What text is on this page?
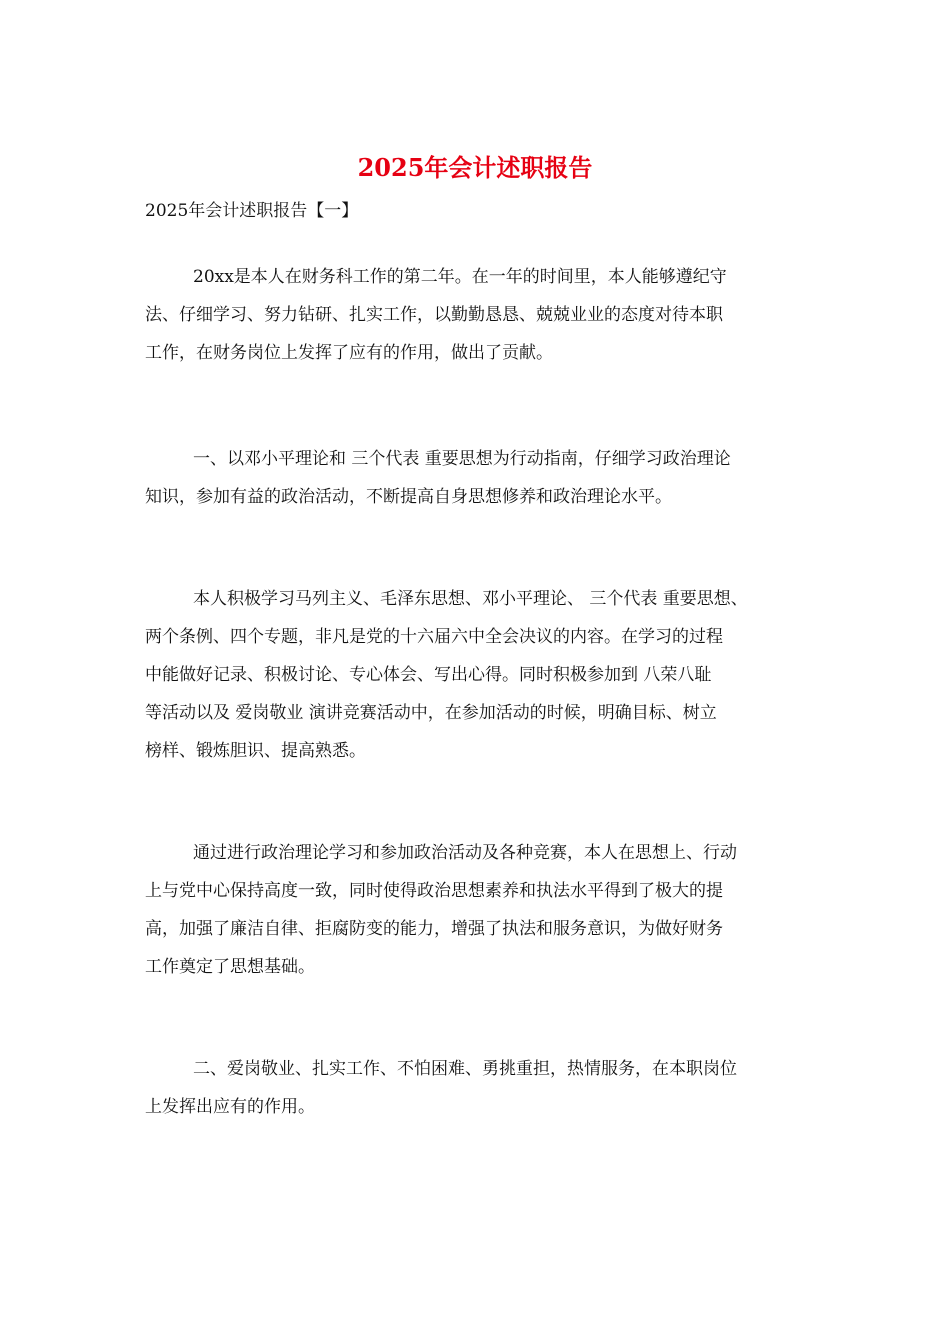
2025年会计述职报告

2025年会计述职报告【一】

20xx是本人在财务科工作的第二年。在一年的时间里，本人能够遵纪守
法、仔细学习、努力钻研、扎实工作，以勤勤恳恳、兢兢业业的态度对待本职
工作，在财务岗位上发挥了应有的作用，做出了贡献。

一、以邓小平理论和 三个代表 重要思想为行动指南，仔细学习政治理论
知识，参加有益的政治活动，不断提高自身思想修养和政治理论水平。

本人积极学习马列主义、毛泽东思想、邓小平理论、 三个代表 重要思想、
两个条例、四个专题，非凡是党的十六届六中全会决议的内容。在学习的过程
中能做好记录、积极讨论、专心体会、写出心得。同时积极参加到 八荣八耻
等活动以及 爱岗敬业 演讲竞赛活动中，在参加活动的时候，明确目标、树立
榜样、锻炼胆识、提高熟悉。

通过进行政治理论学习和参加政治活动及各种竞赛，本人在思想上、行动
上与党中心保持高度一致，同时使得政治思想素养和执法水平得到了极大的提
高，加强了廉洁自律、拒腐防变的能力，增强了执法和服务意识，为做好财务
工作奠定了思想基础。

二、爱岗敬业、扎实工作、不怕困难、勇挑重担，热情服务，在本职岗位
上发挥出应有的作用。
